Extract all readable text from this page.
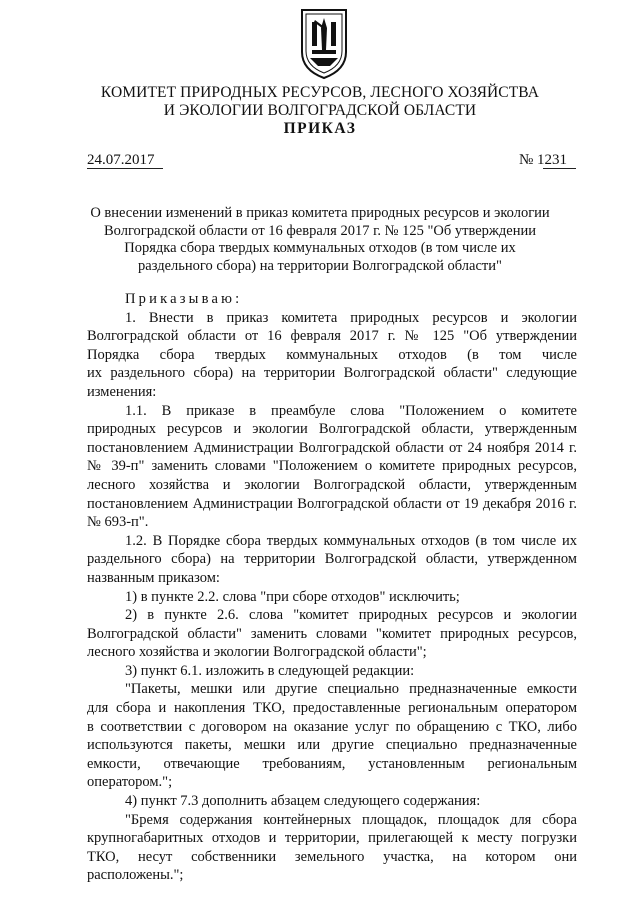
КОМИТЕТ ПРИРОДНЫХ РЕСУРСОВ, ЛЕСНОГО ХОЗЯЙСТВА
И ЭКОЛОГИИ ВОЛГОГРАДСКОЙ ОБЛАСТИ
ПРИКАЗ
24.07.2017	№ 1231
О внесении изменений в приказ комитета природных ресурсов и экологии
Волгоградской области от 16 февраля 2017 г. № 125 "Об утверждении
Порядка сбора твердых коммунальных отходов (в том числе их
раздельного сбора) на территории Волгоградской области"
Приказываю:
1. Внести в приказ комитета природных ресурсов и экологии
Волгоградской области от 16 февраля 2017 г. № 125 "Об утверждении
Порядка сбора твердых коммунальных отходов (в том числе
их раздельного сбора) на территории Волгоградской области" следующие
изменения:
1.1. В приказе в преамбуле слова "Положением о комитете
природных ресурсов и экологии Волгоградской области, утвержденным
постановлением Администрации Волгоградской области от 24 ноября 2014 г.
№ 39-п" заменить словами "Положением о комитете природных ресурсов,
лесного хозяйства и экологии Волгоградской области, утвержденным
постановлением Администрации Волгоградской области от 19 декабря 2016 г.
№ 693-п".
1.2. В Порядке сбора твердых коммунальных отходов (в том числе их
раздельного сбора) на территории Волгоградской области, утвержденном
названным приказом:
1) в пункте 2.2. слова "при сборе отходов" исключить;
2) в пункте 2.6. слова "комитет природных ресурсов и экологии
Волгоградской области" заменить словами "комитет природных ресурсов,
лесного хозяйства и экологии Волгоградской области";
3) пункт 6.1. изложить в следующей редакции:
"Пакеты, мешки или другие специально предназначенные емкости
для сбора и накопления ТКО, предоставленные региональным оператором
в соответствии с договором на оказание услуг по обращению с ТКО, либо
используются пакеты, мешки или другие специально предназначенные
емкости, отвечающие требованиям, установленным региональным
оператором.";
4) пункт 7.3 дополнить абзацем следующего содержания:
"Бремя содержания контейнерных площадок, площадок для сбора
крупногабаритных отходов и территории, прилегающей к месту погрузки
ТКО, несут собственники земельного участка, на котором они
расположены.";
